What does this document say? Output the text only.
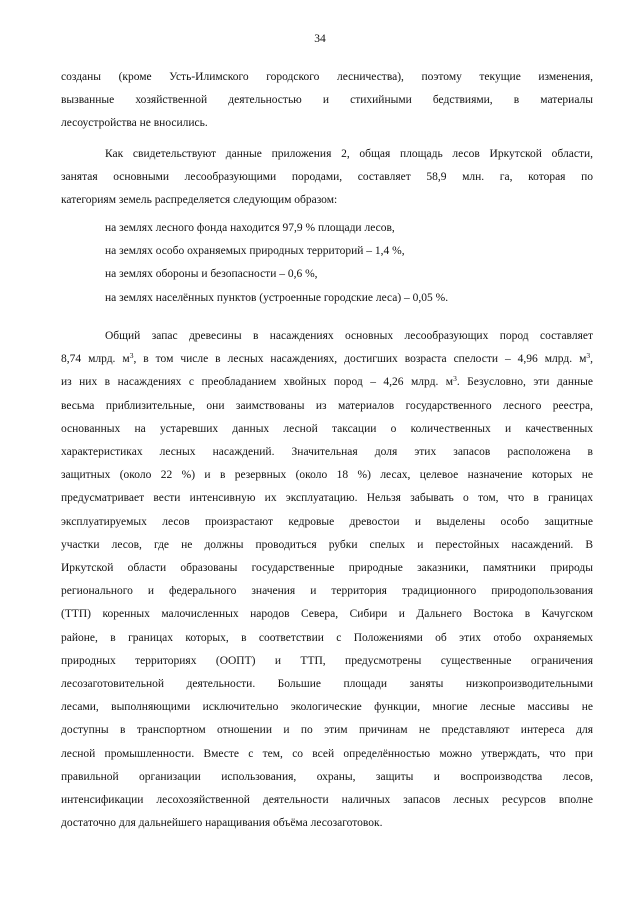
34

созданы (кроме Усть-Илимского городского лесничества), поэтому текущие изменения,
вызванные хозяйственной деятельностью и стихийными бедствиями, в материалы
лесоустройства не вносились.

Как свидетельствуют данные приложения 2, общая площадь лесов Иркутской области,
занятая основными лесообразующими породами, составляет 58,9 млн. га, которая по
категориям земель распределяется следующим образом:

на землях лесного фонда находится 97,9 % площади лесов,
на землях особо охраняемых природных территорий – 1,4 %,
на землях обороны и безопасности – 0,6 %,
на землях населённых пунктов (устроенные городские леса) – 0,05 %.

Общий запас древесины в насаждениях основных лесообразующих пород составляет
8,74 млрд. $м^3$, в том числе в лесных насаждениях, достигших возраста спелости – 4,96 млрд. $м^3$,
из них в насаждениях с преобладанием хвойных пород – 4,26 млрд. $м^3$. Безусловно, эти данные
весьма приблизительные, они заимствованы из материалов государственного лесного реестра,
основанных на устаревших данных лесной таксации о количественных и качественных
характеристиках лесных насаждений. Значительная доля этих запасов расположена в
защитных (около 22 %) и в резервных (около 18 %) лесах, целевое назначение которых не
предусматривает вести интенсивную их эксплуатацию. Нельзя забывать о том, что в границах
эксплуатируемых лесов произрастают кедровые древостои и выделены особо защитные
участки лесов, где не должны проводиться рубки спелых и перестойных насаждений. В
Иркутской области образованы государственные природные заказники, памятники природы
регионального и федерального значения и территория традиционного природопользования
(ТТП) коренных малочисленных народов Севера, Сибири и Дальнего Востока в Качугском
районе, в границах которых, в соответствии с Положениями об этих отобо охраняемых
природных территориях (ООПТ) и ТТП, предусмотрены существенные ограничения
лесозаготовительной деятельности. Большие площади заняты низкопроизводительными
лесами, выполняющими исключительно экологические функции, многие лесные массивы не
доступны в транспортном отношении и по этим причинам не представляют интереса для
лесной промышленности. Вместе с тем, со всей определённостью можно утверждать, что при
правильной организации использования, охраны, защиты и воспроизводства лесов,
интенсификации лесохозяйственной деятельности наличных запасов лесных ресурсов вполне
достаточно для дальнейшего наращивания объёма лесозаготовок.
